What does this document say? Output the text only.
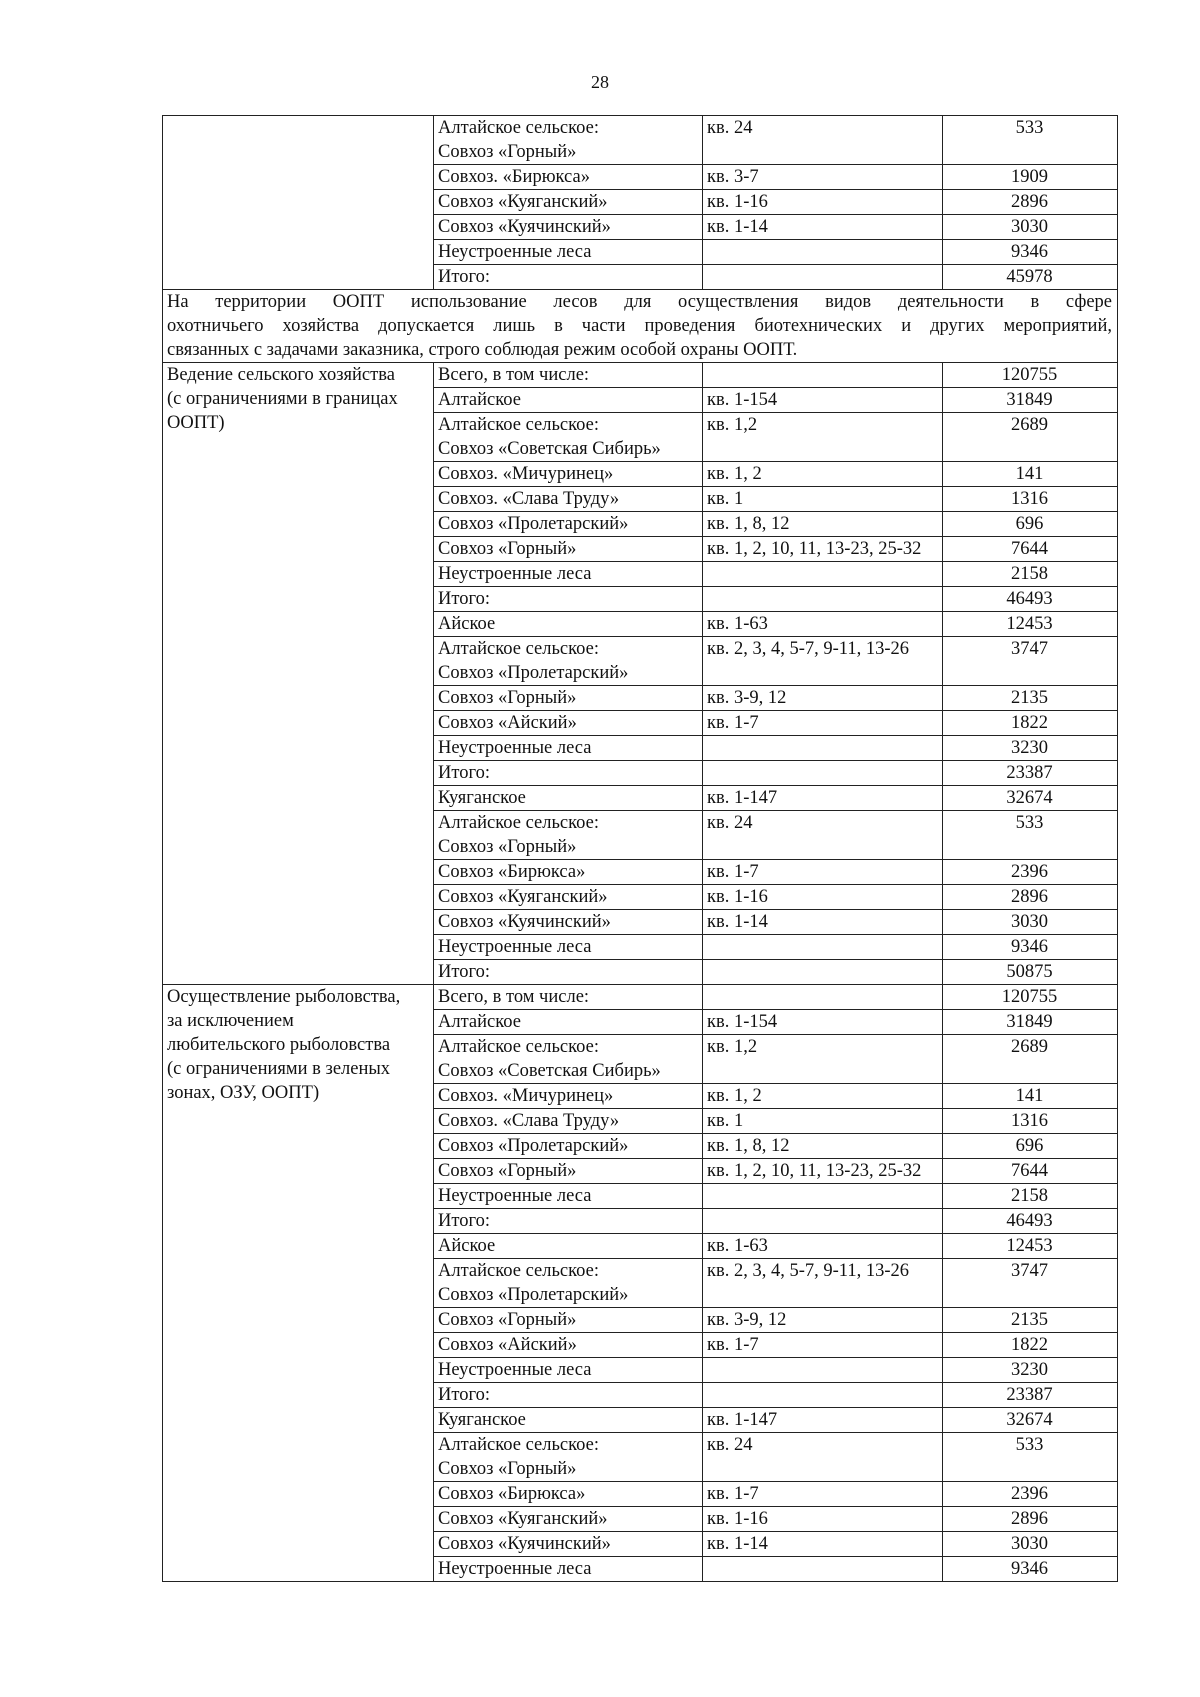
28

	Алтайское сельское:
Совхоз «Горный»	кв. 24	533

	Совхоз. «Бирюкса»	кв. 3-7	1909

	Совхоз «Куяганский»	кв. 1-16	2896

	Совхоз «Куячинский»	кв. 1-14	3030

	Неустроенные леса		9346

	Итого:		45978

На территории ООПТ использование лесов для осуществления видов деятельности в сфере
охотничьего хозяйства допускается лишь в части проведения биотехнических и других мероприятий,
связанных с задачами заказника, строго соблюдая режим особой охраны ООПТ.			

Ведение сельского хозяйства
(с ограничениями в границах
ООПТ)	Всего, в том числе:		120755

	Алтайское	кв. 1-154	31849

	Алтайское сельское:
Совхоз «Советская Сибирь»	кв. 1,2	2689

	Совхоз. «Мичуринец»	кв. 1, 2	141

	Совхоз. «Слава Труду»	кв. 1	1316

	Совхоз «Пролетарский»	кв. 1, 8, 12	696

	Совхоз «Горный»	кв. 1, 2, 10, 11, 13-23, 25-32	7644

	Неустроенные леса		2158

	Итого:		46493

	Айское	кв. 1-63	12453

	Алтайское сельское:
Совхоз «Пролетарский»	кв. 2, 3, 4, 5-7, 9-11, 13-26	3747

	Совхоз «Горный»	кв. 3-9, 12	2135

	Совхоз «Айский»	кв. 1-7	1822

	Неустроенные леса		3230

	Итого:		23387

	Куяганское	кв. 1-147	32674

	Алтайское сельское:
Совхоз «Горный»	кв. 24	533

	Совхоз «Бирюкса»	кв. 1-7	2396

	Совхоз «Куяганский»	кв. 1-16	2896

	Совхоз «Куячинский»	кв. 1-14	3030

	Неустроенные леса		9346

	Итого:		50875

Осуществление рыболовства,
за исключением
любительского рыболовства
(с ограничениями в зеленых
зонах, ОЗУ, ООПТ)	Всего, в том числе:		120755

	Алтайское	кв. 1-154	31849

	Алтайское сельское:
Совхоз «Советская Сибирь»	кв. 1,2	2689

	Совхоз. «Мичуринец»	кв. 1, 2	141

	Совхоз. «Слава Труду»	кв. 1	1316

	Совхоз «Пролетарский»	кв. 1, 8, 12	696

	Совхоз «Горный»	кв. 1, 2, 10, 11, 13-23, 25-32	7644

	Неустроенные леса		2158

	Итого:		46493

	Айское	кв. 1-63	12453

	Алтайское сельское:
Совхоз «Пролетарский»	кв. 2, 3, 4, 5-7, 9-11, 13-26	3747

	Совхоз «Горный»	кв. 3-9, 12	2135

	Совхоз «Айский»	кв. 1-7	1822

	Неустроенные леса		3230

	Итого:		23387

	Куяганское	кв. 1-147	32674

	Алтайское сельское:
Совхоз «Горный»	кв. 24	533

	Совхоз «Бирюкса»	кв. 1-7	2396

	Совхоз «Куяганский»	кв. 1-16	2896

	Совхоз «Куячинский»	кв. 1-14	3030

	Неустроенные леса		9346
